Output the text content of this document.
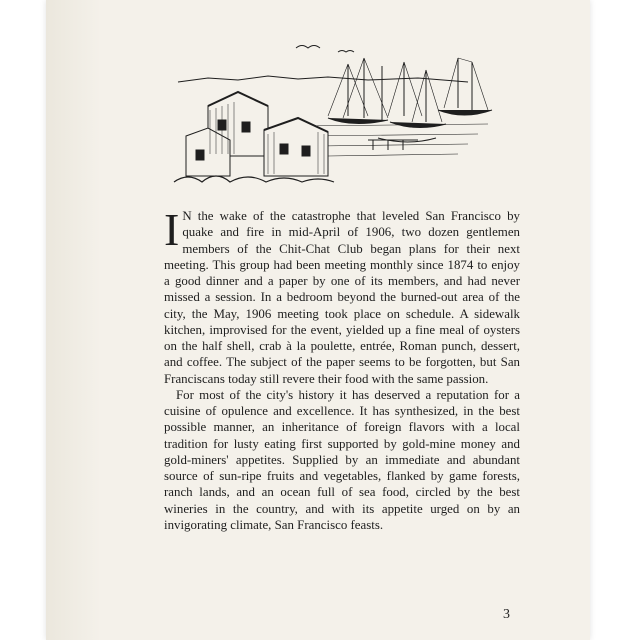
I N the wake of the catastrophe that leveled San Francisco by quake and fire in mid-April of 1906, two dozen gentlemen members of the Chit-Chat Club began plans for their next meeting. This group had been meeting monthly since 1874 to enjoy a good dinner and a paper by one of its members, and had never missed a session. In a bedroom beyond the burned-out area of the city, the May, 1906 meeting took place on schedule. A sidewalk kitchen, improvised for the event, yielded up a fine meal of oysters on the half shell, crab à la poulette, entrée, Roman punch, dessert, and coffee. The subject of the paper seems to be forgotten, but San Franciscans today still revere their food with the same passion.

For most of the city's history it has deserved a reputation for a cuisine of opulence and excellence. It has synthesized, in the best possible manner, an inheritance of foreign flavors with a local tradition for lusty eating first supported by gold-mine money and gold-miners' appetites. Supplied by an immediate and abundant source of sun-ripe fruits and vegetables, flanked by game forests, ranch lands, and an ocean full of sea food, circled by the best wineries in the country, and with its appetite urged on by an invigorating climate, San Francisco feasts.

3
